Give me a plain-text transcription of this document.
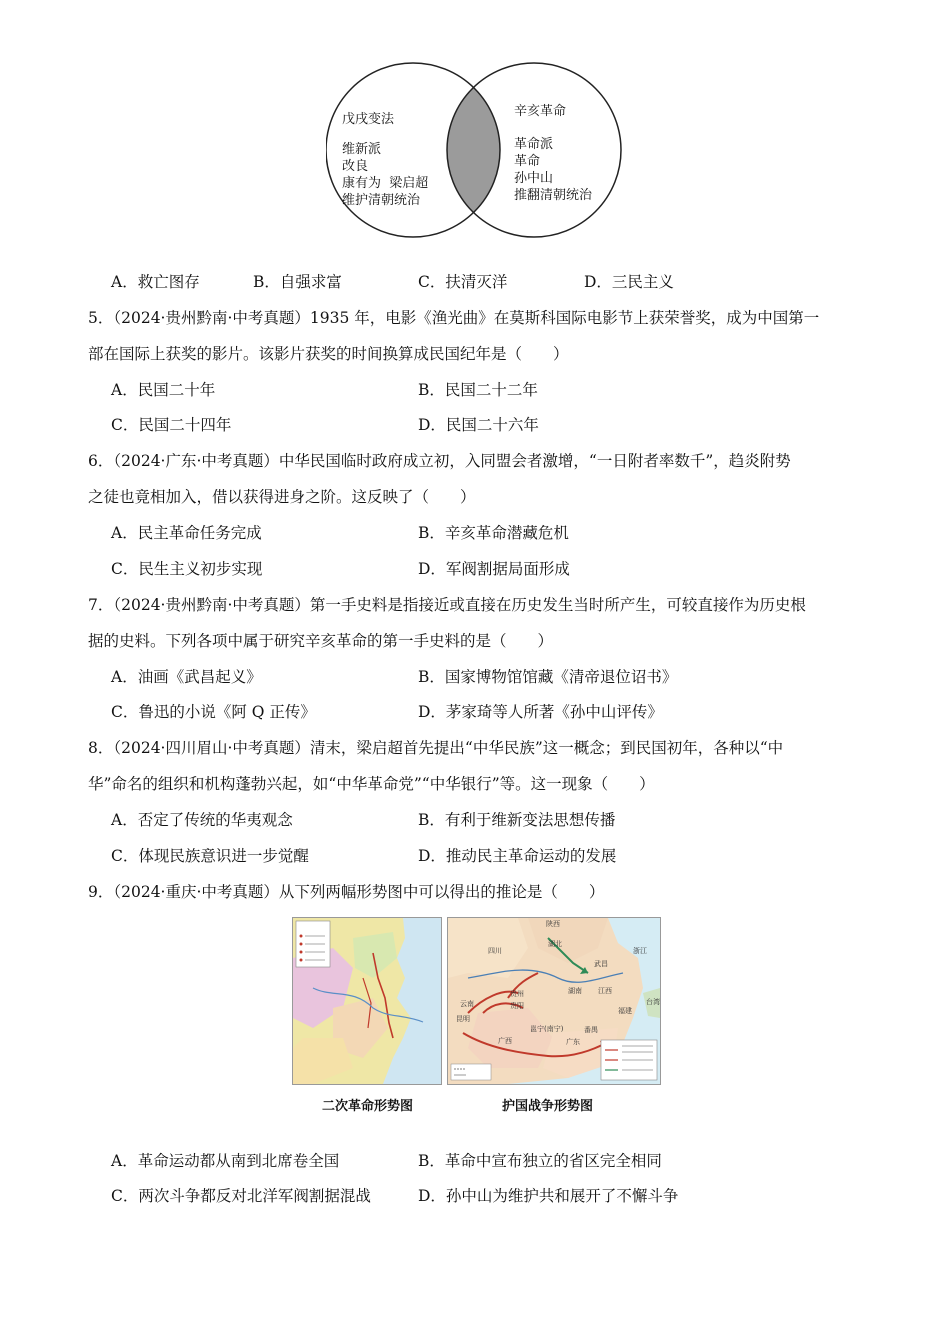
戊戌变法
维新派
改良
康有为  梁启超
维护清朝统治
辛亥革命
革命派
革命
孙中山
推翻清朝统治
A．救亡图存	B．自强求富	C．扶清灭洋	D．三民主义
5．（2024·贵州黔南·中考真题）1935 年，电影《渔光曲》在莫斯科国际电影节上获荣誉奖，成为中国第一
部在国际上获奖的影片。该影片获奖的时间换算成民国纪年是（　　）
A．民国二十年	B．民国二十二年
C．民国二十四年	D．民国二十六年
6．（2024·广东·中考真题）中华民国临时政府成立初，入同盟会者激增，“一日附者率数千”，趋炎附势
之徒也竟相加入，借以获得进身之阶。这反映了（　　）
A．民主革命任务完成	B．辛亥革命潜藏危机
C．民生主义初步实现	D．军阀割据局面形成
7．（2024·贵州黔南·中考真题）第一手史料是指接近或直接在历史发生当时所产生，可较直接作为历史根
据的史料。下列各项中属于研究辛亥革命的第一手史料的是（　　）
A．油画《武昌起义》	B．国家博物馆馆藏《清帝退位诏书》
C．鲁迅的小说《阿 Q 正传》	D．茅家琦等人所著《孙中山评传》
8．（2024·四川眉山·中考真题）清末，梁启超首先提出“中华民族”这一概念；到民国初年，各种以“中
华”命名的组织和机构蓬勃兴起，如“中华革命党”“中华银行”等。这一现象（　　）
A．否定了传统的华夷观念	B．有利于维新变法思想传播
C．体现民族意识进一步觉醒	D．推动民主革命运动的发展
9．（2024·重庆·中考真题）从下列两幅形势图中可以得出的推论是（　　）
四川
湖北
武昌
贵州
贵阳
云南
昆明
广西
邕宁(南宁)
广东
番禺
湖南
浙江
江西
福建
台湾
陕西
二次革命形势图	护国战争形势图
A．革命运动都从南到北席卷全国	B．革命中宣布独立的省区完全相同
C．两次斗争都反对北洋军阀割据混战	D．孙中山为维护共和展开了不懈斗争
